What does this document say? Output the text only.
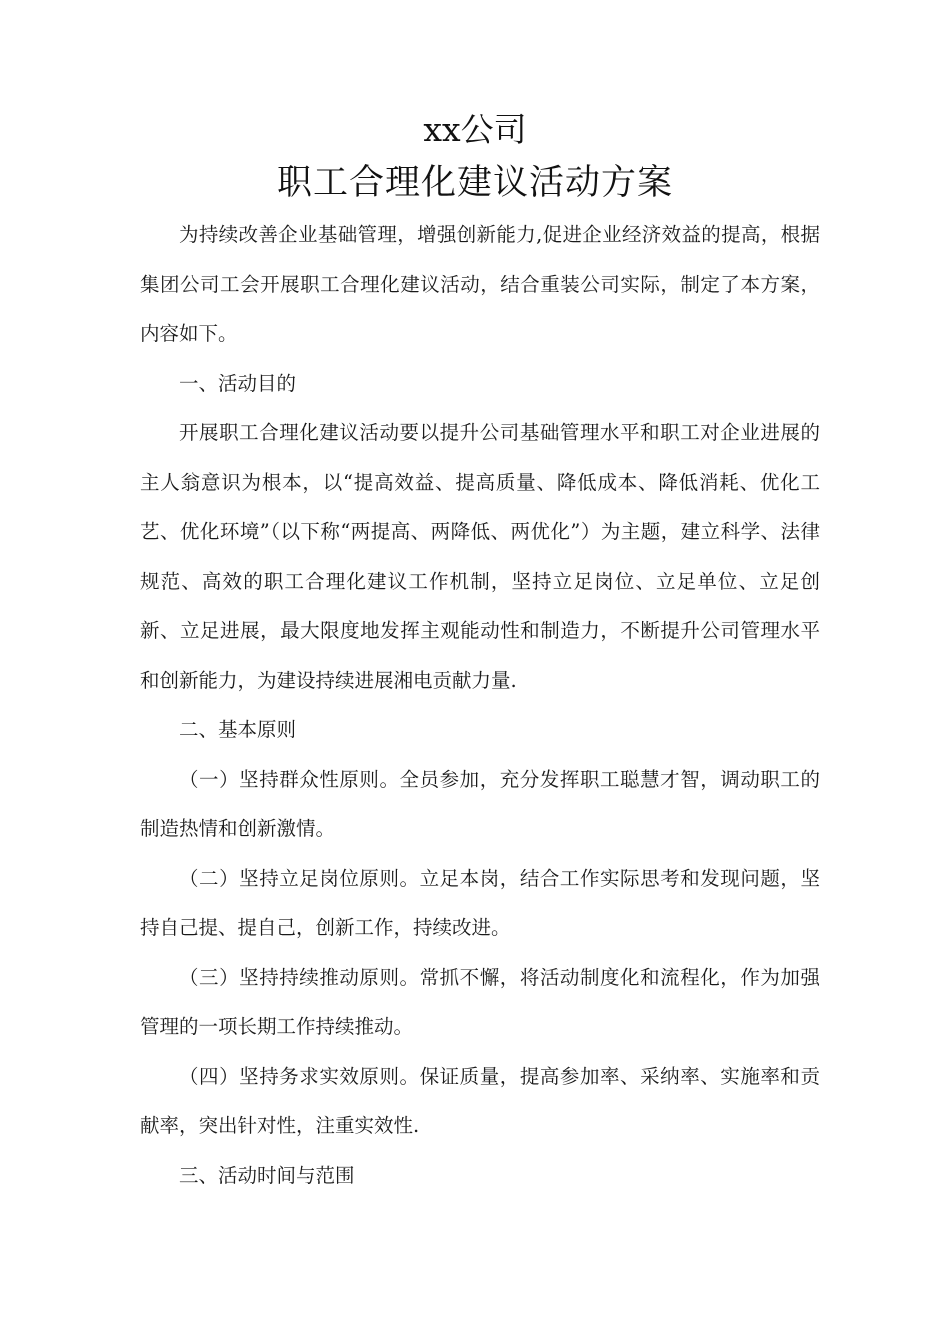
xx公司
职工合理化建议活动方案

为持续改善企业基础管理，增强创新能力,促进企业经济效益的提高，根据集团公司工会开展职工合理化建议活动，结合重装公司实际，制定了本方案，内容如下。

一、活动目的

开展职工合理化建议活动要以提升公司基础管理水平和职工对企业进展的主人翁意识为根本，以“提高效益、提高质量、降低成本、降低消耗、优化工艺、优化环境”（以下称“两提高、两降低、两优化”）为主题，建立科学、法律规范、高效的职工合理化建议工作机制，坚持立足岗位、立足单位、立足创新、立足进展，最大限度地发挥主观能动性和制造力，不断提升公司管理水平和创新能力，为建设持续进展湘电贡献力量.

二、基本原则

（一）坚持群众性原则。全员参加，充分发挥职工聪慧才智，调动职工的制造热情和创新激情。

（二）坚持立足岗位原则。立足本岗，结合工作实际思考和发现问题，坚持自己提、提自己，创新工作，持续改进。

（三）坚持持续推动原则。常抓不懈，将活动制度化和流程化，作为加强管理的一项长期工作持续推动。

（四）坚持务求实效原则。保证质量，提高参加率、采纳率、实施率和贡献率，突出针对性，注重实效性.

三、活动时间与范围
